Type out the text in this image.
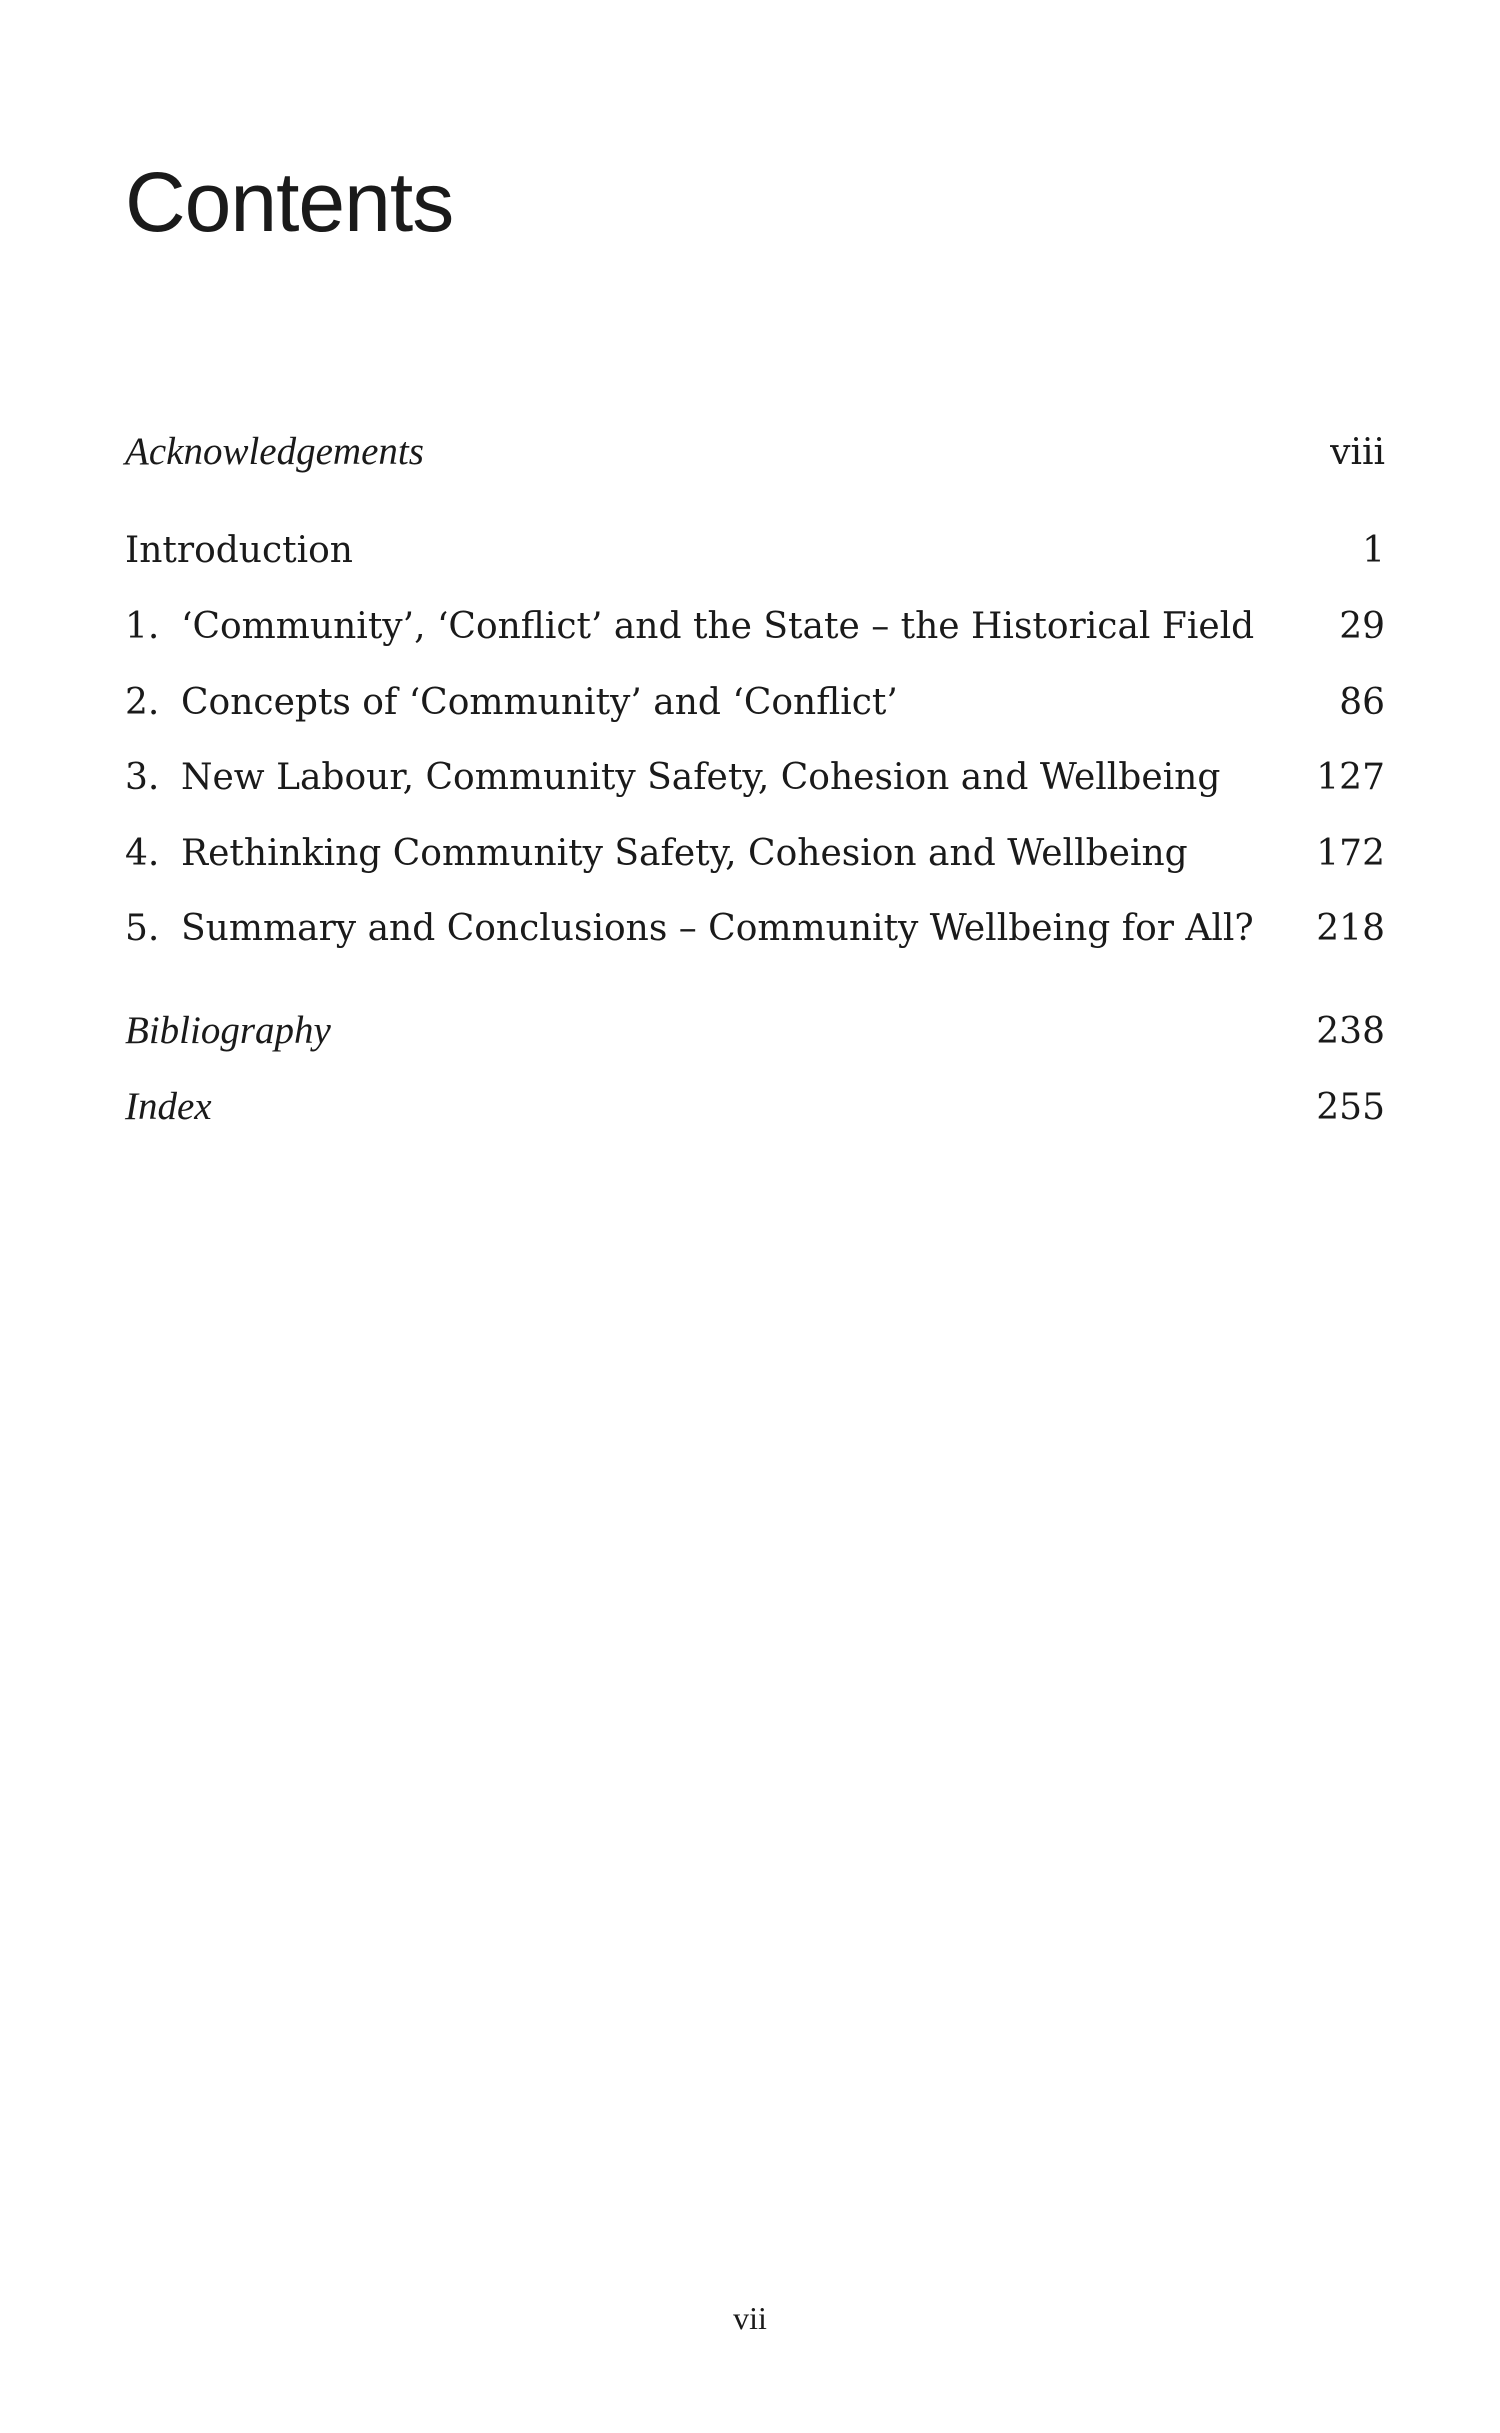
Contents
Acknowledgements	viii
Introduction	1
1. ‘Community’, ‘Conflict’ and the State – the Historical Field 29
2. Concepts of ‘Community’ and ‘Conflict’	86
3. New Labour, Community Safety, Cohesion and Wellbeing	127
4. Rethinking Community Safety, Cohesion and Wellbeing	172
5. Summary and Conclusions – Community Wellbeing for All? 218
Bibliography	238
Index	255
vii
